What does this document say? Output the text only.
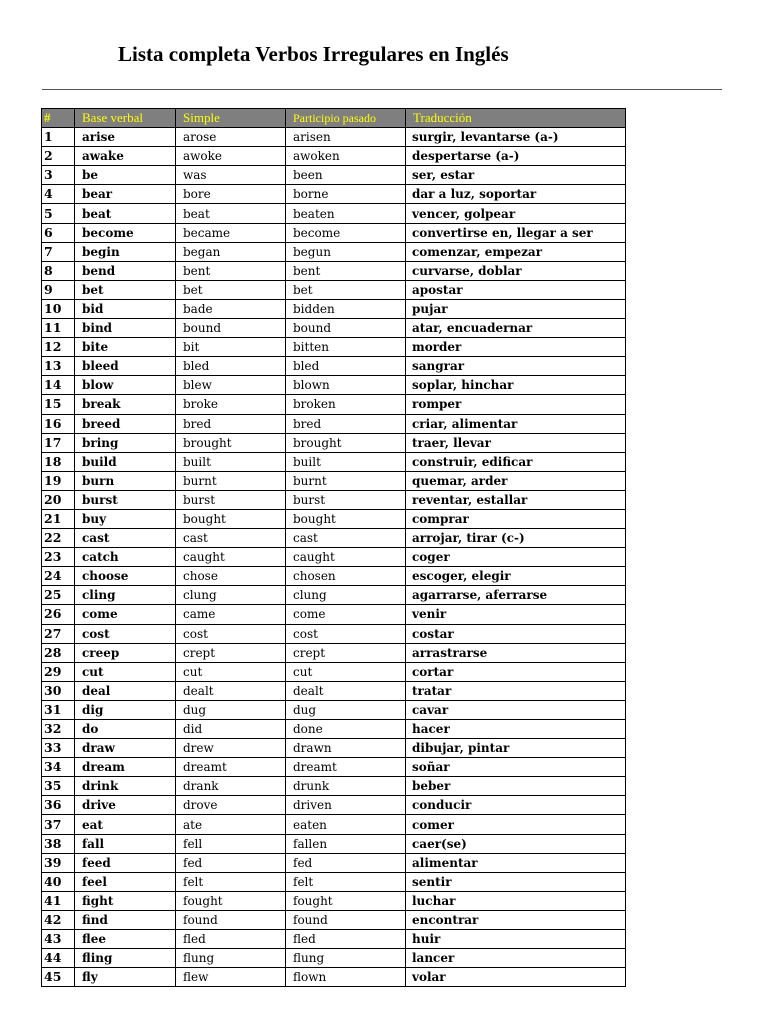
Lista completa Verbos Irregulares en Inglés
#	Base verbal	Simple	Participio pasado	Traducción
1	arise	arose	arisen	surgir, levantarse (a-)
2	awake	awoke	awoken	despertarse (a-)
3	be	was	been	ser, estar
4	bear	bore	borne	dar a luz, soportar
5	beat	beat	beaten	vencer, golpear
6	become	became	become	convertirse en, llegar a ser
7	begin	began	begun	comenzar, empezar
8	bend	bent	bent	curvarse, doblar
9	bet	bet	bet	apostar
10	bid	bade	bidden	pujar
11	bind	bound	bound	atar, encuadernar
12	bite	bit	bitten	morder
13	bleed	bled	bled	sangrar
14	blow	blew	blown	soplar, hinchar
15	break	broke	broken	romper
16	breed	bred	bred	criar, alimentar
17	bring	brought	brought	traer, llevar
18	build	built	built	construir, edificar
19	burn	burnt	burnt	quemar, arder
20	burst	burst	burst	reventar, estallar
21	buy	bought	bought	comprar
22	cast	cast	cast	arrojar, tirar (c-)
23	catch	caught	caught	coger
24	choose	chose	chosen	escoger, elegir
25	cling	clung	clung	agarrarse, aferrarse
26	come	came	come	venir
27	cost	cost	cost	costar
28	creep	crept	crept	arrastrarse
29	cut	cut	cut	cortar
30	deal	dealt	dealt	tratar
31	dig	dug	dug	cavar
32	do	did	done	hacer
33	draw	drew	drawn	dibujar, pintar
34	dream	dreamt	dreamt	soñar
35	drink	drank	drunk	beber
36	drive	drove	driven	conducir
37	eat	ate	eaten	comer
38	fall	fell	fallen	caer(se)
39	feed	fed	fed	alimentar
40	feel	felt	felt	sentir
41	fight	fought	fought	luchar
42	find	found	found	encontrar
43	flee	fled	fled	huir
44	fling	flung	flung	lancer
45	fly	flew	flown	volar
